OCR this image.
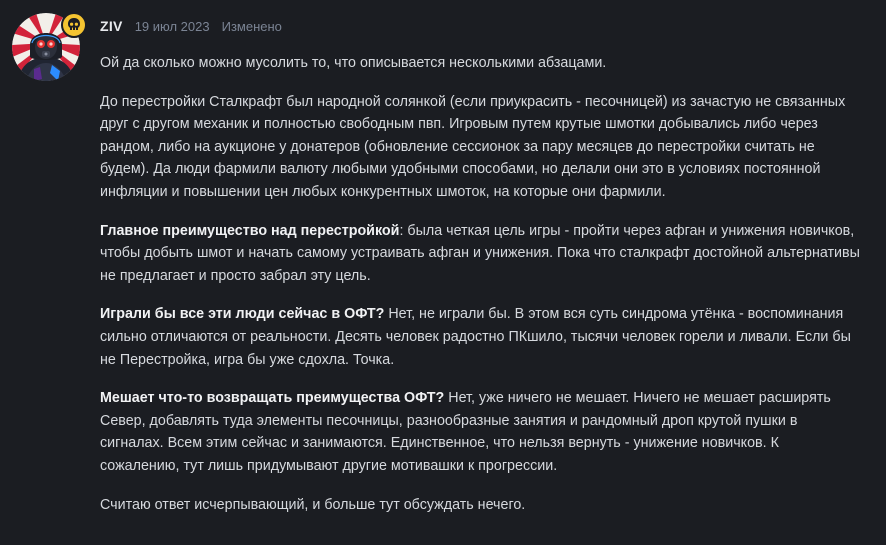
ZIV 19 июл 2023 Изменено

Ой да сколько можно мусолить то, что описывается несколькими абзацами.

До перестройки Сталкрафт был народной солянкой (если приукрасить - песочницей) из зачастую не связанных друг с другом механик и полностью свободным пвп. Игровым путем крутые шмотки добывались либо через рандом, либо на аукционе у донатеров (обновление сессионок за пару месяцев до перестройки считать не будем). Да люди фармили валюту любыми удобными способами, но делали они это в условиях постоянной инфляции и повышении цен любых конкурентных шмоток, на которые они фармили.

Главное преимущество над перестройкой: была четкая цель игры - пройти через афган и унижения новичков, чтобы добыть шмот и начать самому устраивать афган и унижения. Пока что сталкрафт достойной альтернативы не предлагает и просто забрал эту цель.

Играли бы все эти люди сейчас в ОФТ? Нет, не играли бы. В этом вся суть синдрома утёнка - воспоминания сильно отличаются от реальности. Десять человек радостно ПКшило, тысячи человек горели и ливали. Если бы не Перестройка, игра бы уже сдохла. Точка.

Мешает что-то возвращать преимущества ОФТ? Нет, уже ничего не мешает. Ничего не мешает расширять Север, добавлять туда элементы песочницы, разнообразные занятия и рандомный дроп крутой пушки в сигналах. Всем этим сейчас и занимаются. Единственное, что нельзя вернуть - унижение новичков. К сожалению, тут лишь придумывают другие мотивашки к прогрессии.

Считаю ответ исчерпывающий, и больше тут обсуждать нечего.
